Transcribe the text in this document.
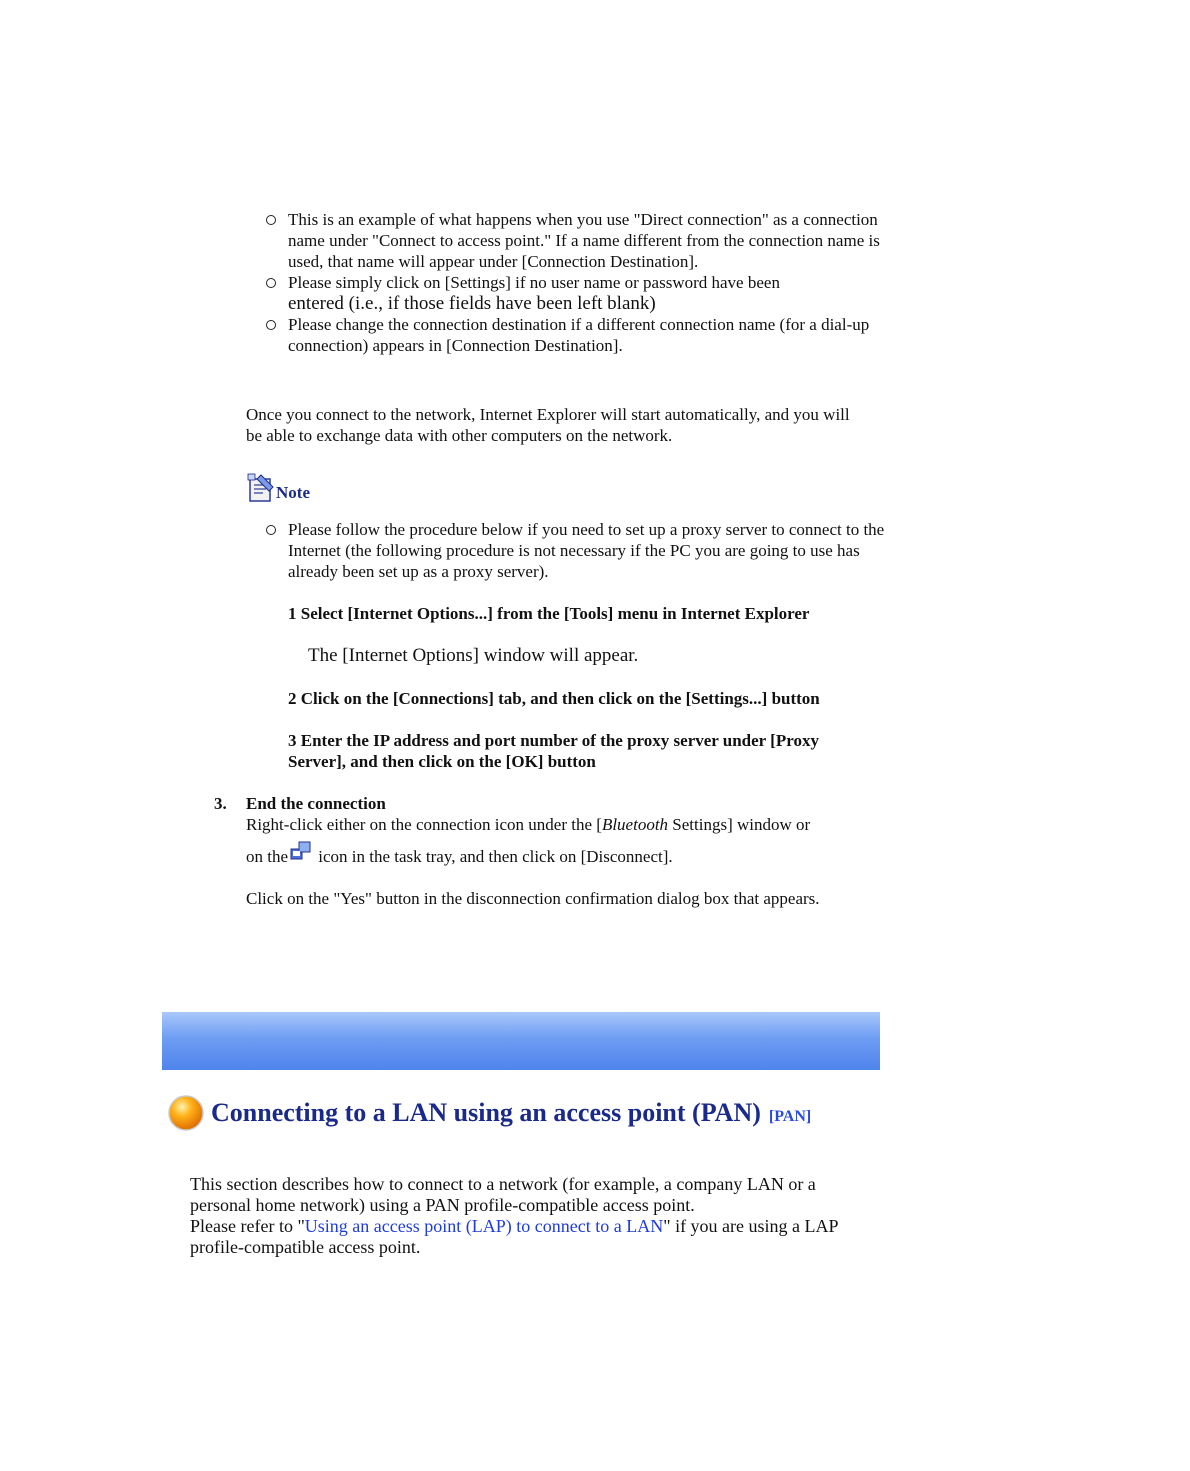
This is an example of what happens when you use "Direct connection" as a connection name under "Connect to access point." If a name different from the connection name is used, that name will appear under [Connection Destination].
Please simply click on [Settings] if no user name or password have been
entered (i.e., if those fields have been left blank)
Please change the connection destination if a different connection name (for a dial-up connection) appears in [Connection Destination].
Once you connect to the network, Internet Explorer will start automatically, and you will be able to exchange data with other computers on the network.
Note
Please follow the procedure below if you need to set up a proxy server to connect to the Internet (the following procedure is not necessary if the PC you are going to use has already been set up as a proxy server).
1 Select [Internet Options...] from the [Tools] menu in Internet Explorer
The [Internet Options] window will appear.
2 Click on the [Connections] tab, and then click on the [Settings...] button
3 Enter the IP address and port number of the proxy server under [Proxy Server], and then click on the [OK] button
3. End the connection
Right-click either on the connection icon under the [Bluetooth Settings] window or
on the icon in the task tray, and then click on [Disconnect].
Click on the "Yes" button in the disconnection confirmation dialog box that appears.
Connecting to a LAN using an access point (PAN) [PAN]
This section describes how to connect to a network (for example, a company LAN or a personal home network) using a PAN profile-compatible access point.
Please refer to "Using an access point (LAP) to connect to a LAN" if you are using a LAP profile-compatible access point.
